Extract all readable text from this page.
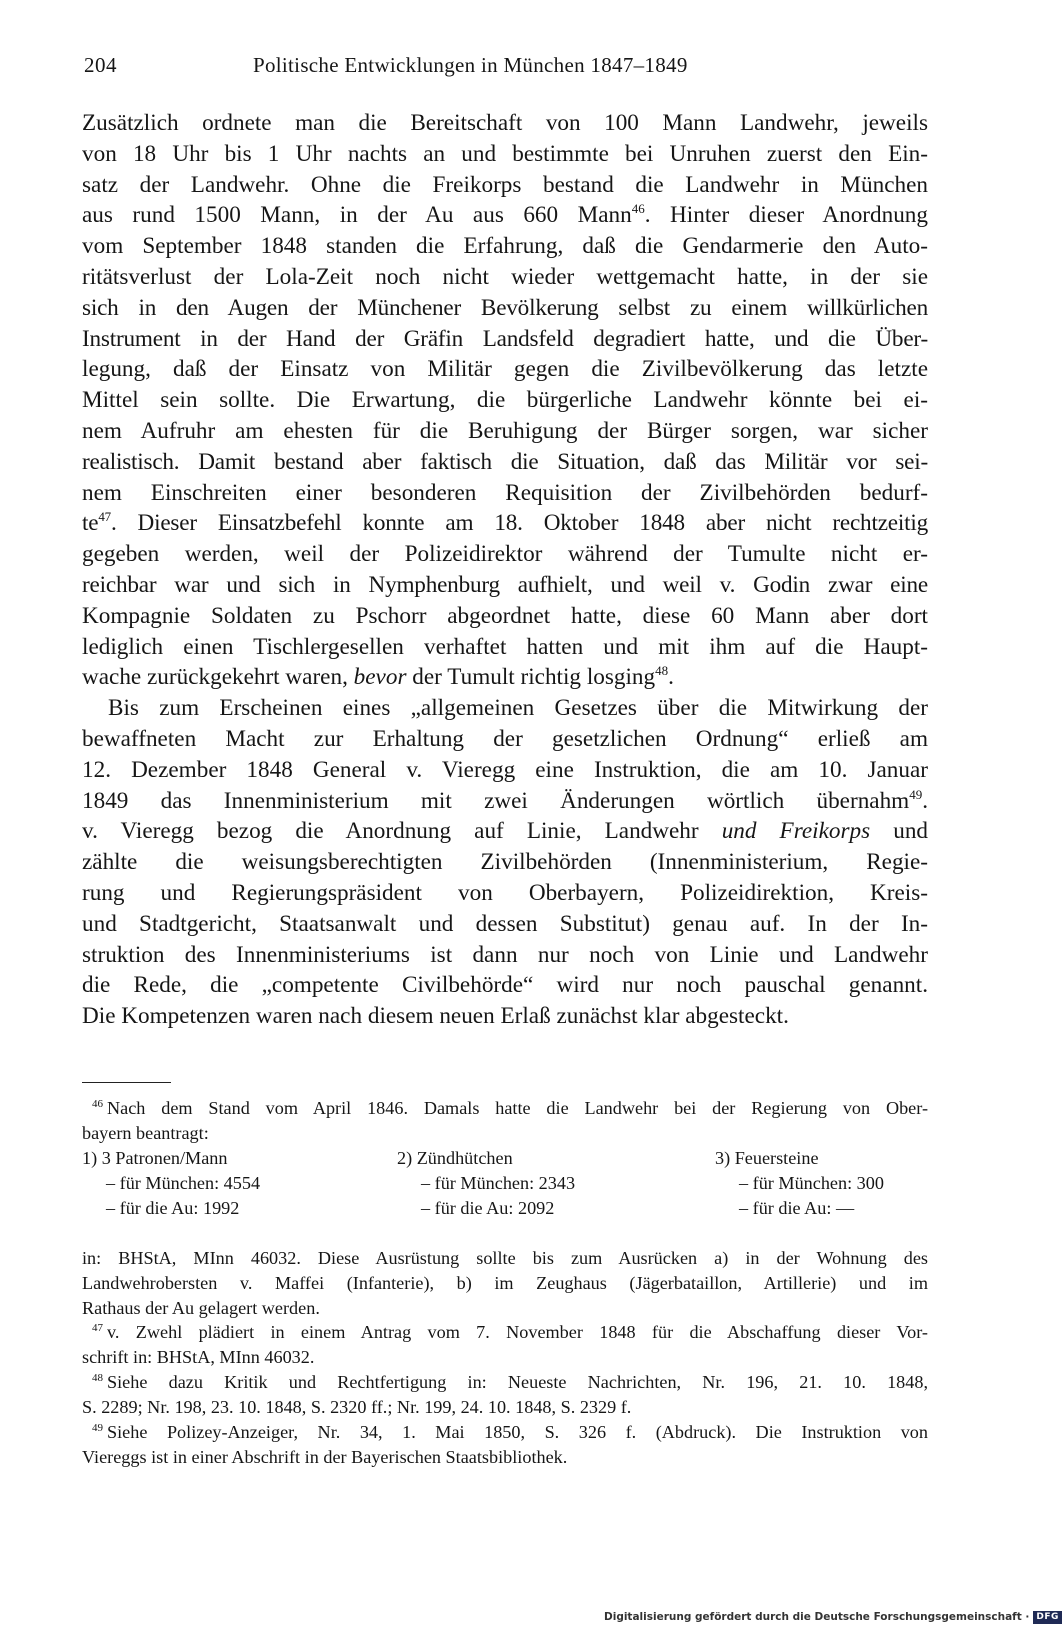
204	Politische Entwicklungen in München 1847–1849
Zusätzlich ordnete man die Bereitschaft von 100 Mann Landwehr, jeweils
von 18 Uhr bis 1 Uhr nachts an und bestimmte bei Unruhen zuerst den Ein-
satz der Landwehr. Ohne die Freikorps bestand die Landwehr in München
aus rund 1500 Mann, in der Au aus 660 Mann$^{46}$. Hinter dieser Anordnung
vom September 1848 standen die Erfahrung, daß die Gendarmerie den Auto-
ritätsverlust der Lola-Zeit noch nicht wieder wettgemacht hatte, in der sie
sich in den Augen der Münchener Bevölkerung selbst zu einem willkürlichen
Instrument in der Hand der Gräfin Landsfeld degradiert hatte, und die Über-
legung, daß der Einsatz von Militär gegen die Zivilbevölkerung das letzte
Mittel sein sollte. Die Erwartung, die bürgerliche Landwehr könnte bei ei-
nem Aufruhr am ehesten für die Beruhigung der Bürger sorgen, war sicher
realistisch. Damit bestand aber faktisch die Situation, daß das Militär vor sei-
nem Einschreiten einer besonderen Requisition der Zivilbehörden bedurf-
$te^{47}$. Dieser Einsatzbefehl konnte am 18. Oktober 1848 aber nicht rechtzeitig
gegeben werden, weil der Polizeidirektor während der Tumulte nicht er-
reichbar war und sich in Nymphenburg aufhielt, und weil v. Godin zwar eine
Kompagnie Soldaten zu Pschorr abgeordnet hatte, diese 60 Mann aber dort
lediglich einen Tischlergesellen verhaftet hatten und mit ihm auf die Haupt-
wache zurückgekehrt waren, bevor der Tumult richtig losging$^{48}$.
Bis zum Erscheinen eines „allgemeinen Gesetzes über die Mitwirkung der
bewaffneten Macht zur Erhaltung der gesetzlichen Ordnung“ erließ am
12. Dezember 1848 General v. Vieregg eine Instruktion, die am 10. Januar
1849 das Innenministerium mit zwei Änderungen wörtlich übernahm$^{49}$.
v. Vieregg bezog die Anordnung auf Linie, Landwehr und Freikorps und
zählte die weisungsberechtigten Zivilbehörden (Innenministerium, Regie-
rung und Regierungspräsident von Oberbayern, Polizeidirektion, Kreis-
und Stadtgericht, Staatsanwalt und dessen Substitut) genau auf. In der In-
struktion des Innenministeriums ist dann nur noch von Linie und Landwehr
die Rede, die „competente Civilbehörde“ wird nur noch pauschal genannt.
Die Kompetenzen waren nach diesem neuen Erlaß zunächst klar abgesteckt.
$^{46}$ Nach dem Stand vom April 1846. Damals hatte die Landwehr bei der Regierung von Ober-
bayern beantragt:
1) 3 Patronen/Mann
– für München: 4554
– für die Au: 1992
2) Zündhütchen
– für München: 2343
– für die Au: 2092
3) Feuersteine
– für München: 300
– für die Au: —
in: BHStA, MInn 46032. Diese Ausrüstung sollte bis zum Ausrücken a) in der Wohnung des
Landwehrobersten v. Maffei (Infanterie), b) im Zeughaus (Jägerbataillon, Artillerie) und im
Rathaus der Au gelagert werden.
$^{47}$ v. Zwehl plädiert in einem Antrag vom 7. November 1848 für die Abschaffung dieser Vor-
schrift in: BHStA, MInn 46032.
$^{48}$ Siehe dazu Kritik und Rechtfertigung in: Neueste Nachrichten, Nr. 196, 21. 10. 1848,
S. 2289; Nr. 198, 23. 10. 1848, S. 2320 ff.; Nr. 199, 24. 10. 1848, S. 2329 f.
$^{49}$ Siehe Polizey-Anzeiger, Nr. 34, 1. Mai 1850, S. 326 f. (Abdruck). Die Instruktion von
Viereggs ist in einer Abschrift in der Bayerischen Staatsbibliothek.
Digitalisierung gefördert durch die Deutsche Forschungsgemeinschaft · DFG
